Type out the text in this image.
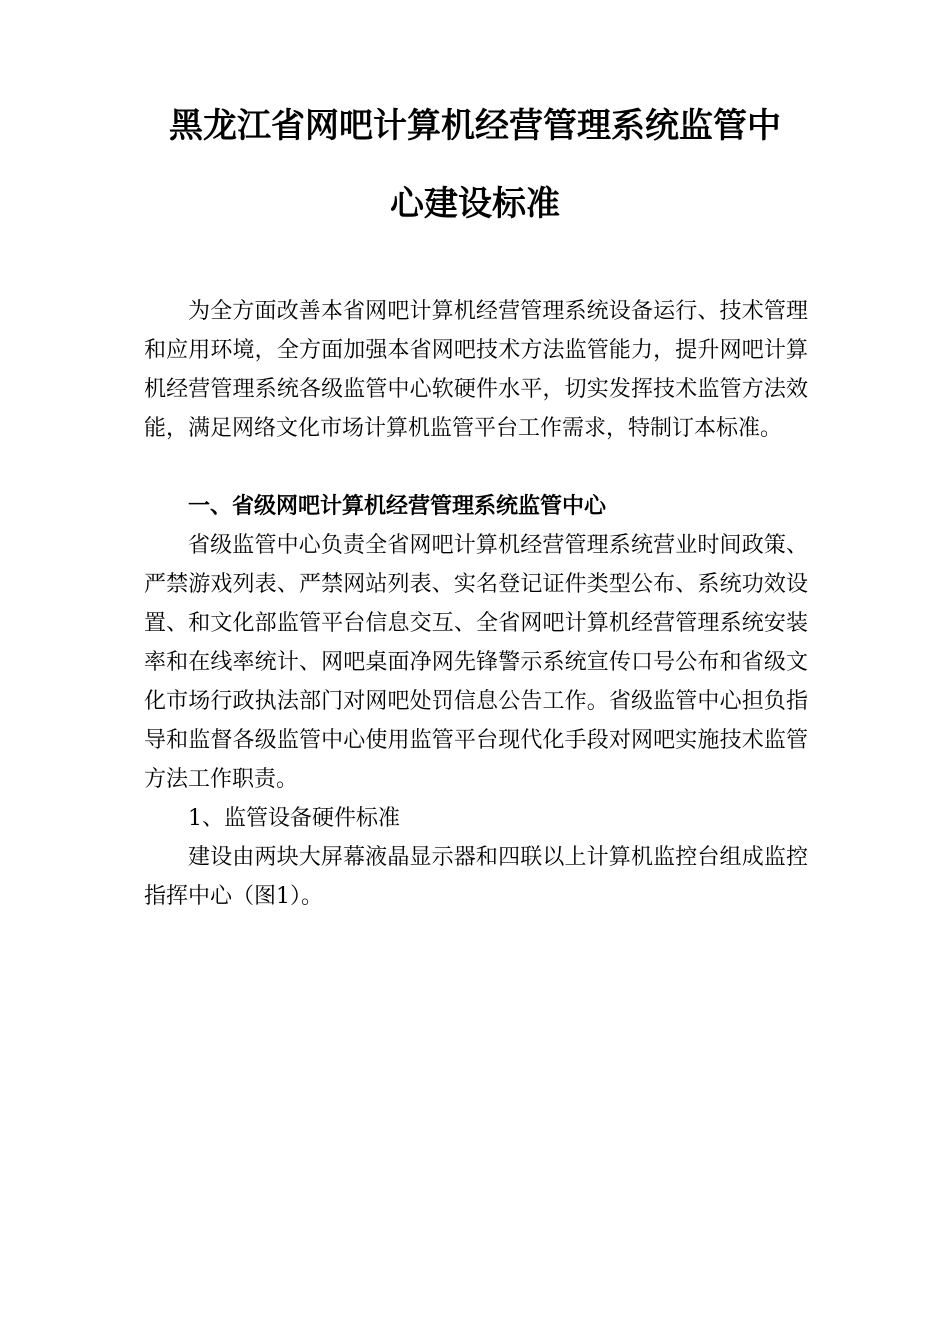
黑龙江省网吧计算机经营管理系统监管中
心建设标准

为全方面改善本省网吧计算机经营管理系统设备运行、技术管理和应用环境，全方面加强本省网吧技术方法监管能力，提升网吧计算机经营管理系统各级监管中心软硬件水平，切实发挥技术监管方法效能，满足网络文化市场计算机监管平台工作需求，特制订本标准。

一、省级网吧计算机经营管理系统监管中心

省级监管中心负责全省网吧计算机经营管理系统营业时间政策、严禁游戏列表、严禁网站列表、实名登记证件类型公布、系统功效设置、和文化部监管平台信息交互、全省网吧计算机经营管理系统安装率和在线率统计、网吧桌面净网先锋警示系统宣传口号公布和省级文化市场行政执法部门对网吧处罚信息公告工作。省级监管中心担负指导和监督各级监管中心使用监管平台现代化手段对网吧实施技术监管方法工作职责。

1、监管设备硬件标准

建设由两块大屏幕液晶显示器和四联以上计算机监控台组成监控指挥中心（图1）。
